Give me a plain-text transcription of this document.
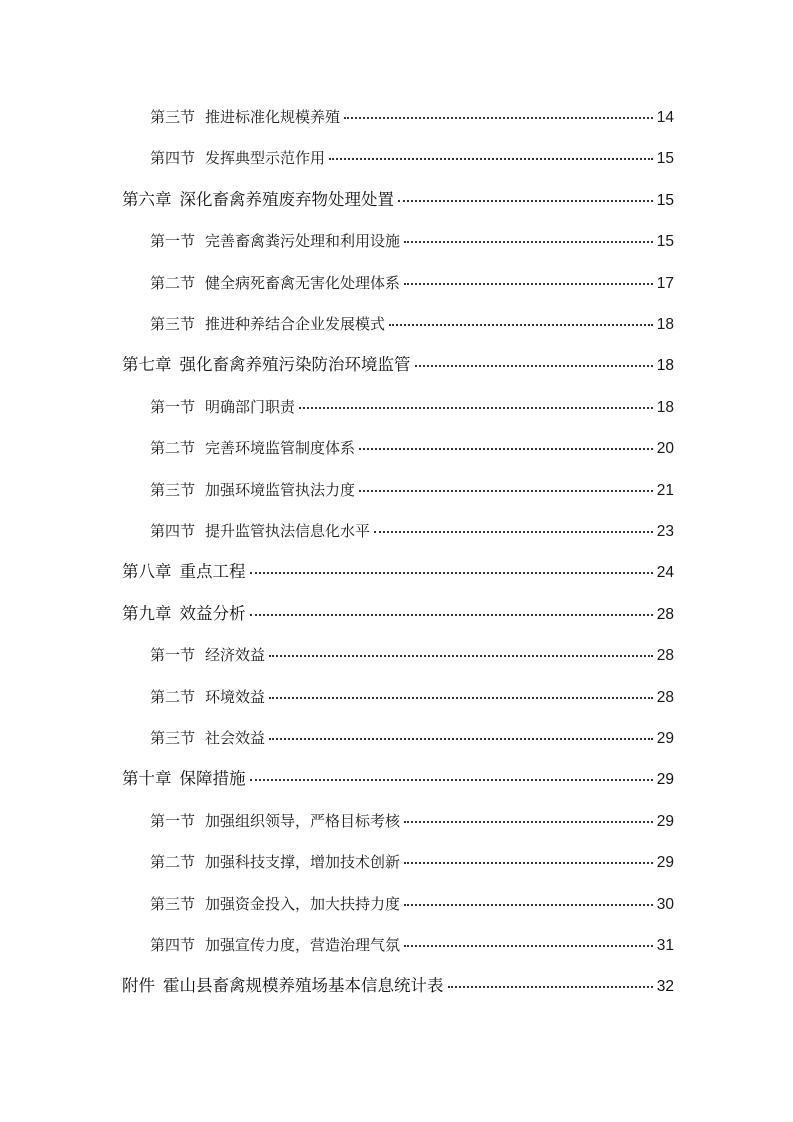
第三节 推进标准化规模养殖	14
第四节 发挥典型示范作用	15
第六章 深化畜禽养殖废弃物处理处置	15
第一节 完善畜禽粪污处理和利用设施	15
第二节 健全病死畜禽无害化处理体系	17
第三节 推进种养结合企业发展模式	18
第七章 强化畜禽养殖污染防治环境监管	18
第一节 明确部门职责	18
第二节 完善环境监管制度体系	20
第三节 加强环境监管执法力度	21
第四节 提升监管执法信息化水平	23
第八章 重点工程	24
第九章 效益分析	28
第一节 经济效益	28
第二节 环境效益	28
第三节 社会效益	29
第十章 保障措施	29
第一节 加强组织领导，严格目标考核	29
第二节 加强科技支撑，增加技术创新	29
第三节 加强资金投入，加大扶持力度	30
第四节 加强宣传力度，营造治理气氛	31
附件 霍山县畜禽规模养殖场基本信息统计表	32
